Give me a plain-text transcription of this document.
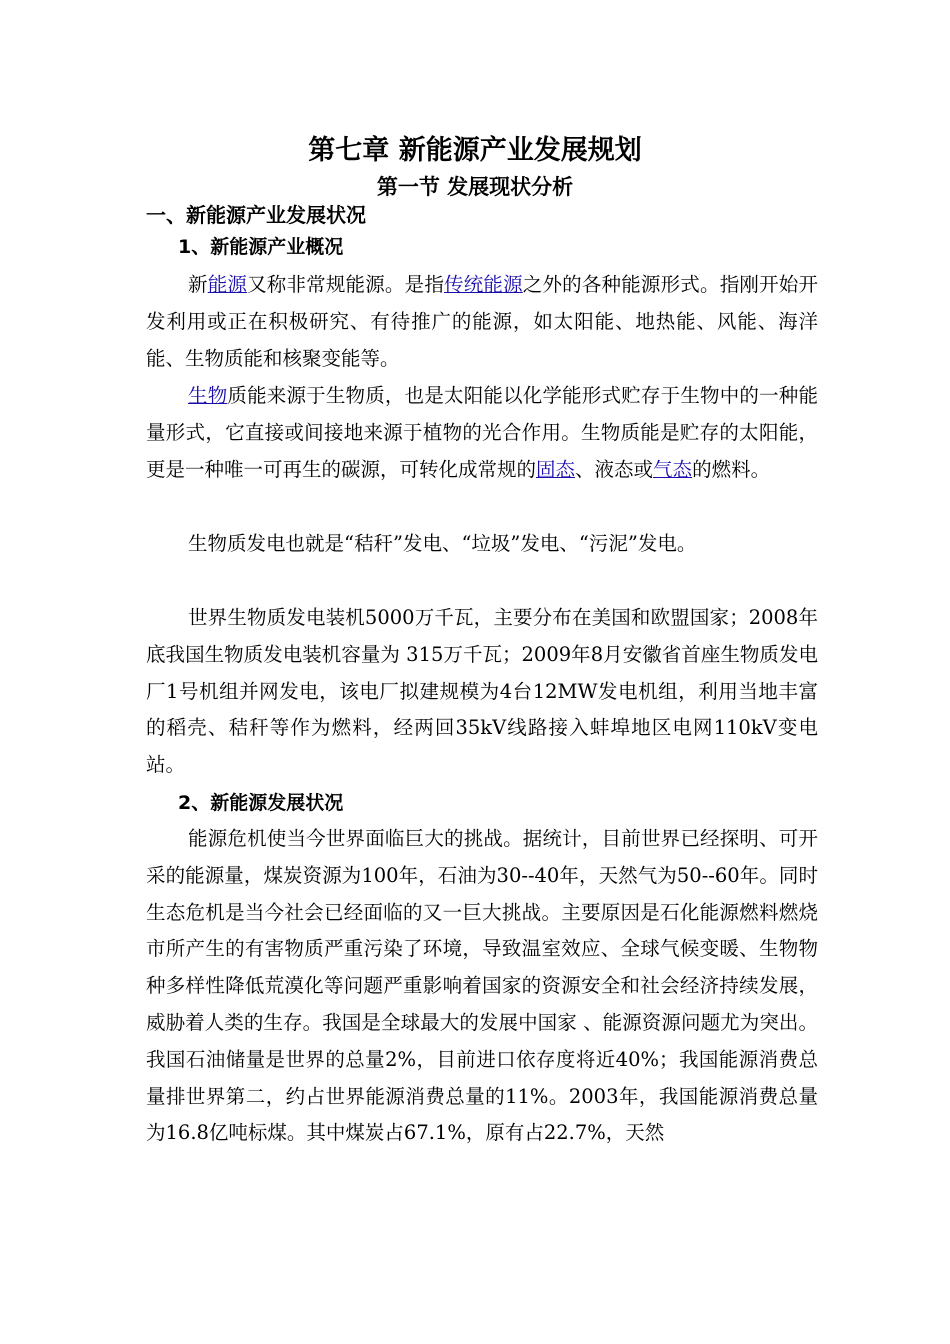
第七章 新能源产业发展规划
第一节 发展现状分析
一、新能源产业发展状况
1、新能源产业概况

新能源又称非常规能源。是指传统能源之外的各种能源形式。指刚开始开发利用或正在积极研究、有待推广的能源，如太阳能、地热能、风能、海洋能、生物质能和核聚变能等。

生物质能来源于生物质，也是太阳能以化学能形式贮存于生物中的一种能量形式，它直接或间接地来源于植物的光合作用。生物质能是贮存的太阳能，更是一种唯一可再生的碳源，可转化成常规的固态、液态或气态的燃料。

生物质发电也就是“秸秆”发电、“垃圾”发电、“污泥”发电。

世界生物质发电装机5000万千瓦，主要分布在美国和欧盟国家；2008年底我国生物质发电装机容量为 315万千瓦；2009年8月安徽省首座生物质发电厂1号机组并网发电，该电厂拟建规模为4台12MW发电机组，利用当地丰富的稻壳、秸秆等作为燃料，经两回35kV线路接入蚌埠地区电网110kV变电站。

2、新能源发展状况

能源危机使当今世界面临巨大的挑战。据统计，目前世界已经探明、可开采的能源量，煤炭资源为100年，石油为30--40年，天然气为50--60年。同时生态危机是当今社会已经面临的又一巨大挑战。主要原因是石化能源燃料燃烧市所产生的有害物质严重污染了环境，导致温室效应、全球气候变暖、生物物种多样性降低荒漠化等问题严重影响着国家的资源安全和社会经济持续发展，威胁着人类的生存。我国是全球最大的发展中国家 、能源资源问题尤为突出。我国石油储量是世界的总量2%，目前进口依存度将近40%；我国能源消费总量排世界第二，约占世界能源消费总量的11%。2003年，我国能源消费总量为16.8亿吨标煤。其中煤炭占67.1%，原有占22.7%，天然
